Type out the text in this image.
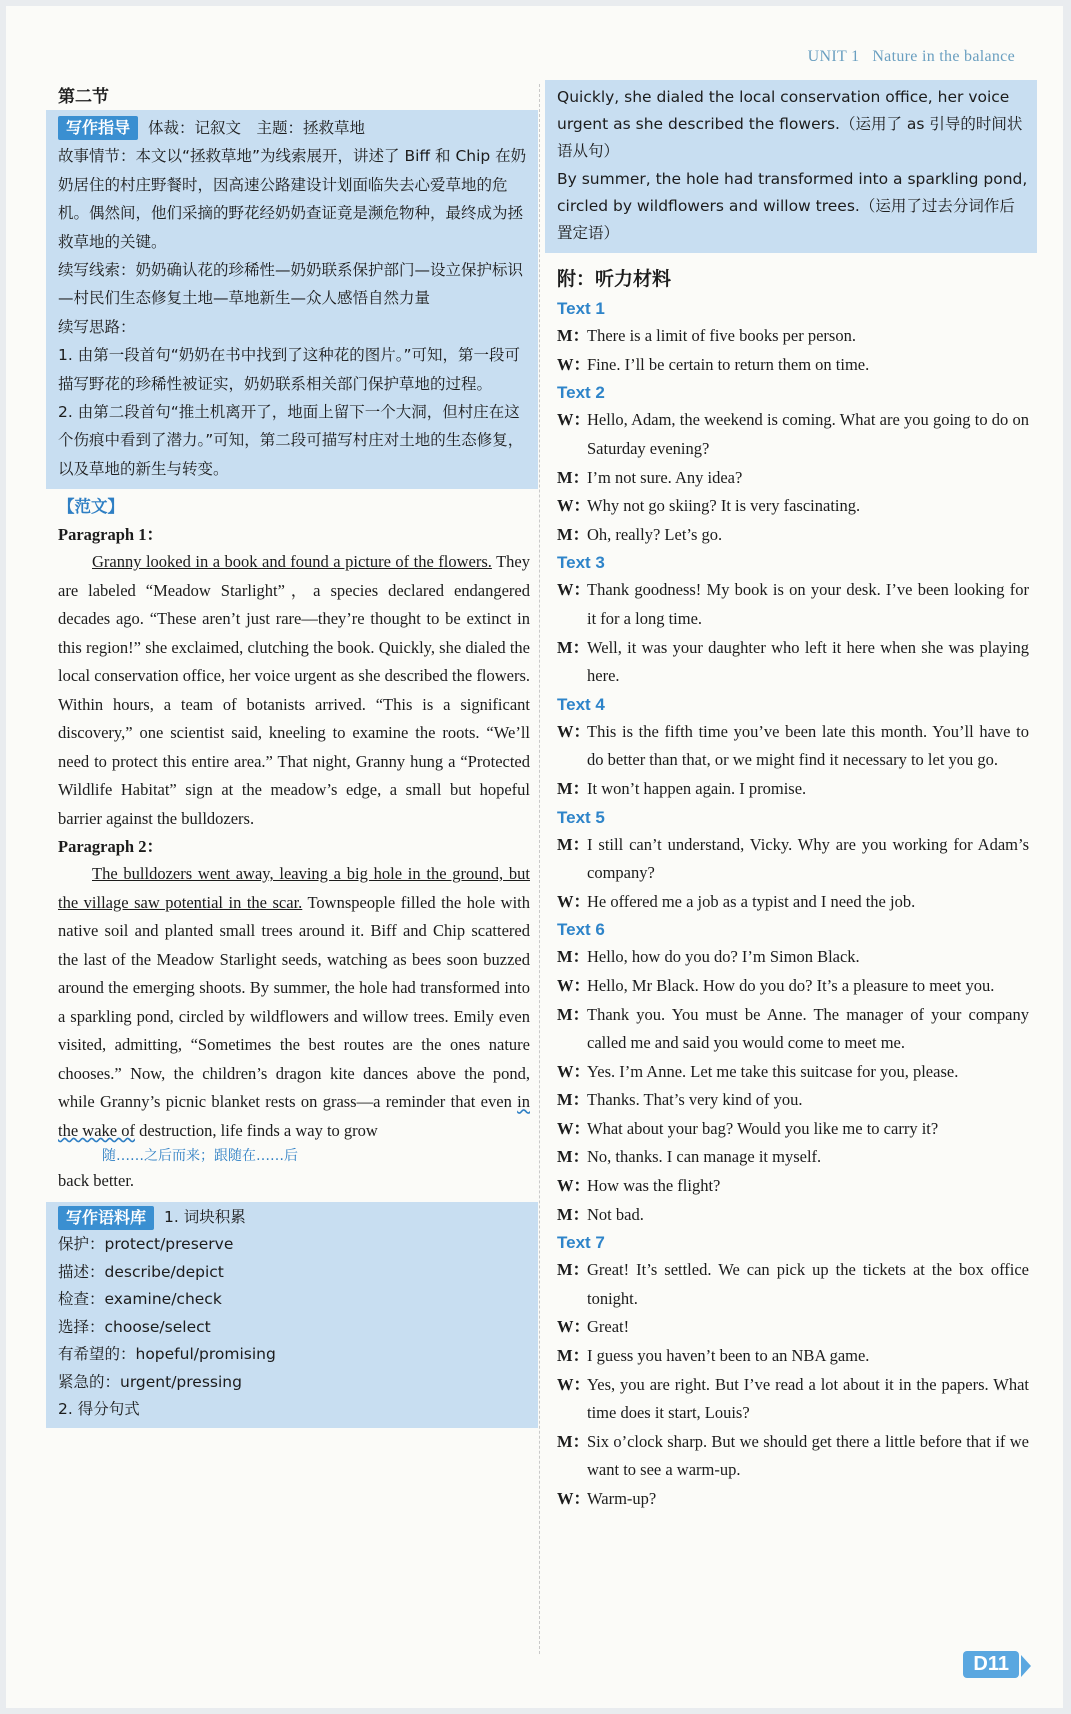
UNIT 1 Nature in the balance
第二节
写作指导	体裁：记叙文　主题：拯救草地
故事情节：本文以“拯救草地”为线索展开，讲述了 Biff 和 Chip 在奶奶居住的村庄野餐时，因高速公路建设计划面临失去心爱草地的危机。偶然间，他们采摘的野花经奶奶查证竟是濒危物种，最终成为拯救草地的关键。
续写线索：奶奶确认花的珍稀性—奶奶联系保护部门—设立保护标识—村民们生态修复土地—草地新生—众人感悟自然力量
续写思路：
1. 由第一段首句“奶奶在书中找到了这种花的图片。”可知，第一段可描写野花的珍稀性被证实，奶奶联系相关部门保护草地的过程。
2. 由第二段首句“推土机离开了，地面上留下一个大洞，但村庄在这个伤痕中看到了潜力。”可知，第二段可描写村庄对土地的生态修复，以及草地的新生与转变。
【范文】
Paragraph 1：
Granny looked in a book and found a picture of the flowers. They are labeled “Meadow Starlight”，a species declared endangered decades ago. “These aren’t just rare—they’re thought to be extinct in this region!” she exclaimed, clutching the book. Quickly, she dialed the local conservation office, her voice urgent as she described the flowers. Within hours, a team of botanists arrived. “This is a significant discovery,” one scientist said, kneeling to examine the roots. “We’ll need to protect this entire area.” That night, Granny hung a “Protected Wildlife Habitat” sign at the meadow’s edge, a small but hopeful barrier against the bulldozers.
Paragraph 2：
The bulldozers went away, leaving a big hole in the ground, but the village saw potential in the scar. Townspeople filled the hole with native soil and planted small trees around it. Biff and Chip scattered the last of the Meadow Starlight seeds, watching as bees soon buzzed around the emerging shoots. By summer, the hole had transformed into a sparkling pond, circled by wildflowers and willow trees. Emily even visited, admitting, “Sometimes the best routes are the ones nature chooses.” Now, the children’s dragon kite dances above the pond, while Granny’s picnic blanket rests on grass—a reminder that even in the wake of destruction, life finds a way to grow
随……之后而来；跟随在……后
back better.
写作语料库	1. 词块积累
保护：protect/preserve
描述：describe/depict
检查：examine/check
选择：choose/select
有希望的：hopeful/promising
紧急的：urgent/pressing
2. 得分句式
Quickly, she dialed the local conservation office, her voice urgent as she described the flowers.（运用了 as 引导的时间状语从句）
By summer, the hole had transformed into a sparkling pond, circled by wildflowers and willow trees.（运用了过去分词作后置定语）
附：听力材料
Text 1
M：
There is a limit of five books per person.
W：
Fine. I’ll be certain to return them on time.
Text 2
W：
Hello, Adam, the weekend is coming. What are you going to do on Saturday evening?
M：
I’m not sure. Any idea?
W：
Why not go skiing? It is very fascinating.
M：
Oh, really? Let’s go.
Text 3
W：
Thank goodness! My book is on your desk. I’ve been looking for it for a long time.
M：
Well, it was your daughter who left it here when she was playing here.
Text 4
W：
This is the fifth time you’ve been late this month. You’ll have to do better than that, or we might find it necessary to let you go.
M：
It won’t happen again. I promise.
Text 5
M：
I still can’t understand, Vicky. Why are you working for Adam’s company?
W：
He offered me a job as a typist and I need the job.
Text 6
M：
Hello, how do you do? I’m Simon Black.
W：
Hello, Mr Black. How do you do? It’s a pleasure to meet you.
M：
Thank you. You must be Anne. The manager of your company called me and said you would come to meet me.
W：
Yes. I’m Anne. Let me take this suitcase for you, please.
M：
Thanks. That’s very kind of you.
W：
What about your bag? Would you like me to carry it?
M：
No, thanks. I can manage it myself.
W：
How was the flight?
M：
Not bad.
Text 7
M：
Great! It’s settled. We can pick up the tickets at the box office tonight.
W：
Great!
M：
I guess you haven’t been to an NBA game.
W：
Yes, you are right. But I’ve read a lot about it in the papers. What time does it start, Louis?
M：
Six o’clock sharp. But we should get there a little before that if we want to see a warm-up.
W：
Warm-up?
D11
